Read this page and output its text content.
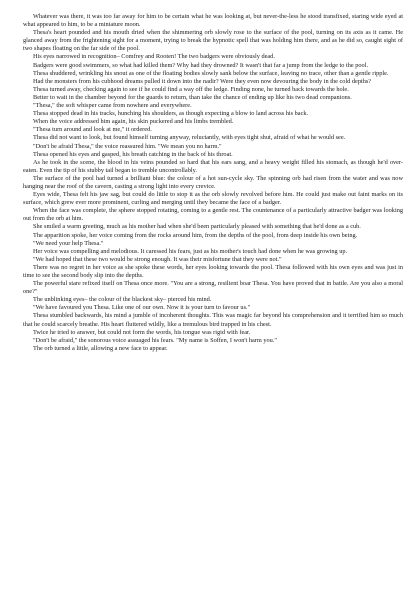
Whatever was there, it was too far away for him to be certain what he was looking at, but never-the-less he stood transfixed, staring wide eyed at what appeared to him, to be a miniature moon.

Thesa's heart pounded and his mouth dried when the shimmering orb slowly rose to the surface of the pool, turning on its axis as it came. He glanced away from the frightening sight for a moment, trying to break the hypnotic spell that was holding him there, and as he did so, caught sight of two shapes floating on the far side of the pool.

His eyes narrowed in recognition– Comfrey and Rooten! The two badgers were obviously dead.

Badgers were good swimmers, so what had killed them? Why had they drowned? It wasn't that far a jump from the ledge to the pool.

Thesa shuddered, wrinkling his snout as one of the floating bodies slowly sank below the surface, leaving no trace, other than a gentle ripple.

Had the monsters from his cubhood dreams pulled it down into the nadir? Were they even now devouring the body in the cold depths?

Thesa turned away, checking again to see if he could find a way off the ledge. Finding none, he turned back towards the hole.

Better to wait in the chamber beyond for the guards to return, than take the chance of ending up like his two dead companions.

"Thesa," the soft whisper came from nowhere and everywhere.

Thesa stopped dead in his tracks, hunching his shoulders, as though expecting a blow to land across his back.

When the voice addressed him again, his skin puckered and his limbs trembled.

"Thesa turn around and look at me," it ordered.

Thesa did not want to look, but found himself turning anyway, reluctantly, with eyes tight shut, afraid of what he would see.

"Don't be afraid Thesa," the voice reassured him. "We mean you no harm."

Thesa opened his eyes and gasped, his breath catching in the back of his throat.

As he took in the scene, the blood in his veins pounded so hard that his ears sang, and a heavy weight filled his stomach, as though he'd over-eaten. Even the tip of his stubby tail began to tremble uncontrollably.

The surface of the pool had turned a brilliant blue: the colour of a hot sun-cycle sky. The spinning orb had risen from the water and was now hanging near the roof of the cavern, casting a strong light into every crevice.

Eyes wide, Thesa felt his jaw sag, but could do little to stop it as the orb slowly revolved before him. He could just make out faint marks on its surface, which grew ever more prominent, curling and merging until they became the face of a badger.

When the face was complete, the sphere stopped rotating, coming to a gentle rest. The countenance of a particularly attractive badger was looking out from the orb at him.

She smiled a warm greeting, much as his mother had when she'd been particularly pleased with something that he'd done as a cub.

The apparition spoke, her voice coming from the rocks around him, from the depths of the pool, from deep inside his own being.

"We need your help Thesa."

Her voice was compelling and melodious. It caressed his fears, just as his mother's touch had done when he was growing up.

"We had hoped that these two would be strong enough. It was their misfortune that they were not."

There was no regret in her voice as she spoke these words, her eyes looking towards the pool. Thesa followed with his own eyes and was just in time to see the second body slip into the depths.

The powerful stare refixed itself on Thesa once more. "You are a strong, resilient boar Thesa. You have proved that in battle. Are you also a moral one?"

The unblinking eyes– the colour of the blackest sky– pierced his mind.

"We have favoured you Thesa. Like one of our own. Now it is your turn to favour us."

Thesa stumbled backwards, his mind a jumble of incoherent thoughts. This was magic far beyond his comprehension and it terrified him so much that he could scarcely breathe. His heart fluttered wildly, like a tremulous bird trapped in his chest.

Twice he tried to answer, but could not form the words, his tongue was rigid with fear.

"Don't be afraid," the sonorous voice assuaged his fears. "My name is Soffen, I won't harm you."

The orb turned a little, allowing a new face to appear.
